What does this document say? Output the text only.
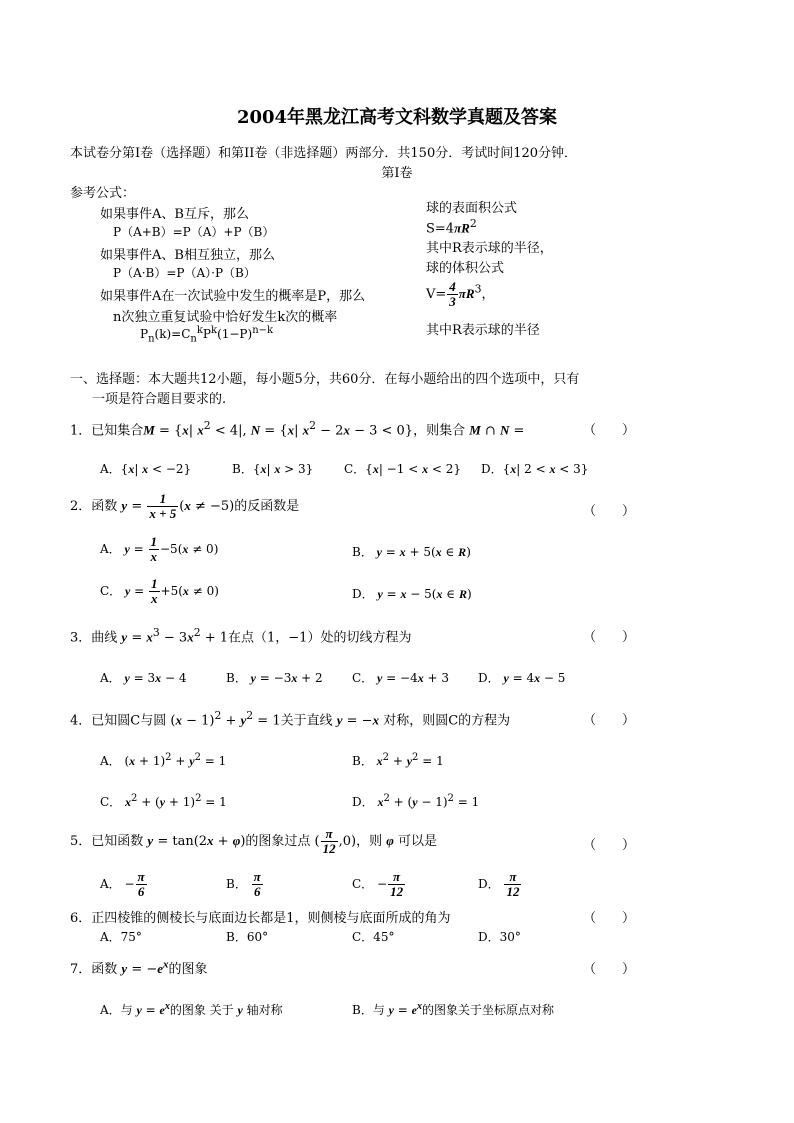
2004年黑龙江高考文科数学真题及答案
本试卷分第I卷（选择题）和第II卷（非选择题）两部分．共150分．考试时间120分钟．
第I卷
参考公式：
如果事件A、B互斥，那么
P（A+B）=P（A）+P（B）
如果事件A、B相互独立，那么
P（A·B）=P（A）·P（B）
如果事件A在一次试验中发生的概率是P，那么
n次独立重复试验中恰好发生k次的概率
$P_n(k)=C_n^kP^k(1-P)^{n-k}$
球的表面积公式
$S=4\pi R^2$
其中R表示球的半径，
球的体积公式
$V= \frac{4}{3} \pi R^3$，
其中R表示球的半径
一、选择题：本大题共12小题，每小题5分，共60分．在每小题给出的四个选项中，只有
一项是符合题目要求的.
1．已知集合M = {x| $x^2 < 4|$, N = {x| $x^2 - 2x - 3 < 0$}，则集合 M ∩ N =	（　　）
A．{x| x < −2}	B．{x| x > 3}	C．{x| −1 < x < 2} D．{x| 2 < x < 3}
2．函数 $y = \frac{1}{x + 5} (x \ne -5)$的反函数是	（　　）
A． $y = \frac{1}{x} -5(x \ne 0)$	B． y = x + 5(x ∈ R)
C． $y = \frac{1}{x} +5(x \ne 0)$	D． y = x − 5(x ∈ R)
3．曲线 $y = x^3 - 3x^2 + 1$在点（1，−1）处的切线方程为	（　　）
A． y = 3x − 4	B． y = −3x + 2 C． y = −4x + 3 D． y = 4x − 5
4．已知圆C与圆 $(x - 1)^2 + y^2 = 1$关于直线 y = −x 对称，则圆C的方程为	（　　）
A． $(x + 1)^2 + y^2 = 1$	B． $x^2 + y^2 = 1$
C． $x^2 + (y + 1)^2 = 1$	D． $x^2 + (y - 1)^2 = 1$
5．已知函数 y = tan(2x + φ)的图象过点 ( $\frac{\pi}{12} ,0$)，则 φ 可以是	（　　）
A． − $\frac{\pi}{6}$	B． $\frac{\pi}{6}$	C． − $\frac{\pi}{12}$	D． $\frac{\pi}{12}$
6．正四棱锥的侧棱长与底面边长都是1，则侧棱与底面所成的角为	（　　）
A．75°	B．60°	C．45°	D．30°
7．函数 $y = -e^x$的图象	（　　）
A．与 $y = e^x$的图象 关于 y 轴对称	B．与 $y = e^x$的图象关于坐标原点对称
